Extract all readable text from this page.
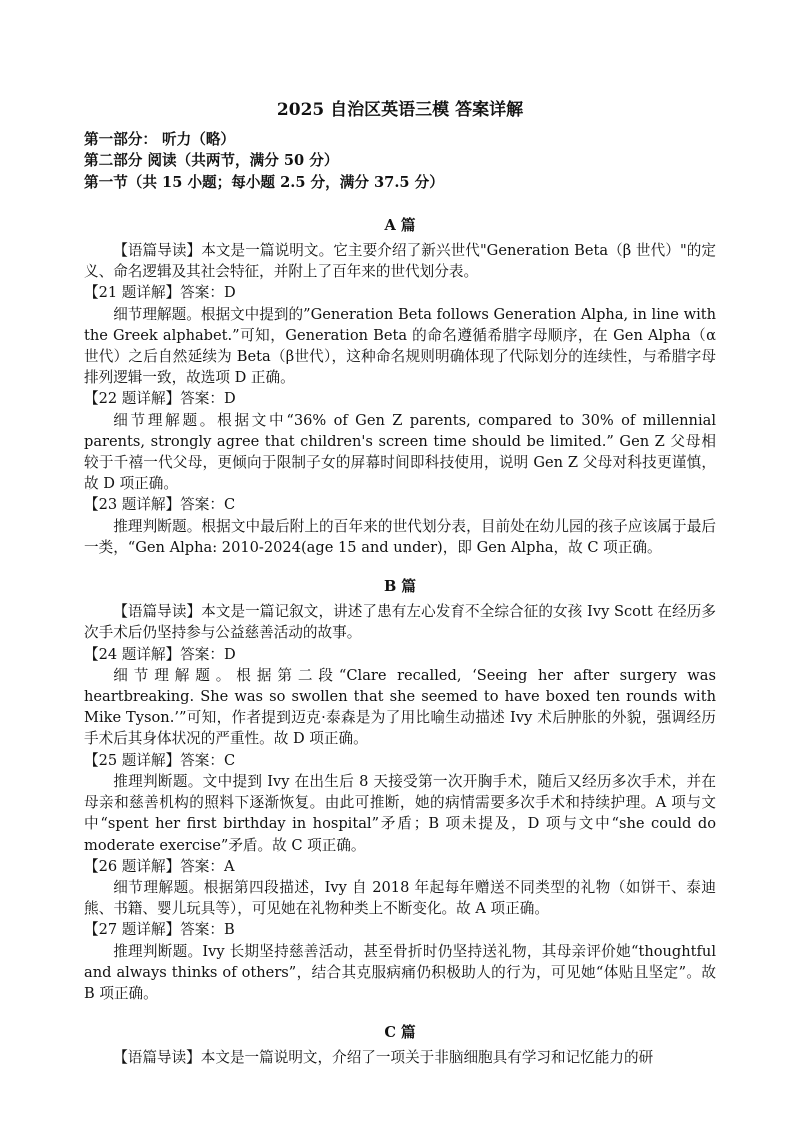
2025 自治区英语三模 答案详解

第一部分： 听力（略）

第二部分 阅读（共两节，满分 50 分）

第一节（共 15 小题；每小题 2.5 分，满分 37.5 分）

A 篇

【语篇导读】本文是一篇说明文。它主要介绍了新兴世代"Generation Beta（β 世代）"的定义、命名逻辑及其社会特征，并附上了百年来的世代划分表。

【21 题详解】答案：D

细节理解题。根据文中提到的”Generation Beta follows Generation Alpha, in line with the Greek alphabet.”可知，Generation Beta 的命名遵循希腊字母顺序，在 Gen Alpha（α世代）之后自然延续为 Beta（β世代），这种命名规则明确体现了代际划分的连续性，与希腊字母排列逻辑一致，故选项 D 正确。

【22 题详解】答案：D

细节理解题。根据文中“36% of Gen Z parents, compared to 30% of millennial parents, strongly agree that children's screen time should be limited.” Gen Z 父母相较于千禧一代父母，更倾向于限制子女的屏幕时间即科技使用，说明 Gen Z 父母对科技更谨慎，故 D 项正确。

【23 题详解】答案：C

推理判断题。根据文中最后附上的百年来的世代划分表，目前处在幼儿园的孩子应该属于最后一类，“Gen Alpha: 2010-2024(age 15 and under)，即 Gen Alpha，故 C 项正确。

B 篇

【语篇导读】本文是一篇记叙文，讲述了患有左心发育不全综合征的女孩 Ivy Scott 在经历多次手术后仍坚持参与公益慈善活动的故事。

【24 题详解】答案：D

细节理解题。根据第二段“Clare recalled, ‘Seeing her after surgery was heartbreaking. She was so swollen that she seemed to have boxed ten rounds with Mike Tyson.’”可知，作者提到迈克·泰森是为了用比喻生动描述 Ivy 术后肿胀的外貌，强调经历手术后其身体状况的严重性。故 D 项正确。

【25 题详解】答案：C

推理判断题。文中提到 Ivy 在出生后 8 天接受第一次开胸手术，随后又经历多次手术，并在母亲和慈善机构的照料下逐渐恢复。由此可推断，她的病情需要多次手术和持续护理。A 项与文中“spent her first birthday in hospital”矛盾；B 项未提及，D 项与文中“she could do moderate exercise”矛盾。故 C 项正确。

【26 题详解】答案：A

细节理解题。根据第四段描述，Ivy 自 2018 年起每年赠送不同类型的礼物（如饼干、泰迪熊、书籍、婴儿玩具等），可见她在礼物种类上不断变化。故 A 项正确。

【27 题详解】答案：B

推理判断题。Ivy 长期坚持慈善活动，甚至骨折时仍坚持送礼物，其母亲评价她“thoughtful and always thinks of others”，结合其克服病痛仍积极助人的行为，可见她“体贴且坚定”。故 B 项正确。

C 篇

【语篇导读】本文是一篇说明文，介绍了一项关于非脑细胞具有学习和记忆能力的研
